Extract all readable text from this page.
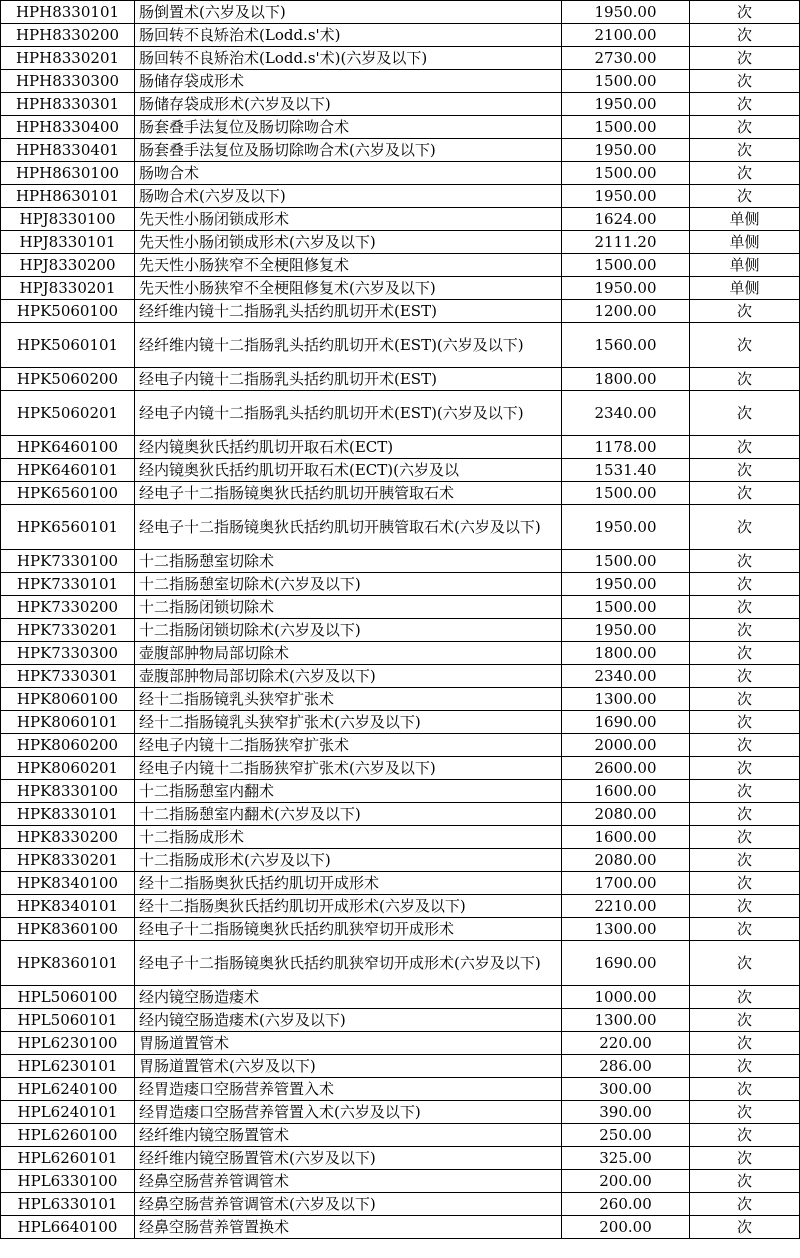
HPH8330101	肠倒置术(六岁及以下)	1950.00	次
HPH8330200	肠回转不良矫治术(Lodd.s'术)	2100.00	次
HPH8330201	肠回转不良矫治术(Lodd.s'术)(六岁及以下)	2730.00	次
HPH8330300	肠储存袋成形术	1500.00	次
HPH8330301	肠储存袋成形术(六岁及以下)	1950.00	次
HPH8330400	肠套叠手法复位及肠切除吻合术	1500.00	次
HPH8330401	肠套叠手法复位及肠切除吻合术(六岁及以下)	1950.00	次
HPH8630100	肠吻合术	1500.00	次
HPH8630101	肠吻合术(六岁及以下)	1950.00	次
HPJ8330100	先天性小肠闭锁成形术	1624.00	单侧
HPJ8330101	先天性小肠闭锁成形术(六岁及以下)	2111.20	单侧
HPJ8330200	先天性小肠狭窄不全梗阻修复术	1500.00	单侧
HPJ8330201	先天性小肠狭窄不全梗阻修复术(六岁及以下)	1950.00	单侧
HPK5060100	经纤维内镜十二指肠乳头括约肌切开术(EST)	1200.00	次
HPK5060101	经纤维内镜十二指肠乳头括约肌切开术(EST)(六岁及以下)	1560.00	次
HPK5060200	经电子内镜十二指肠乳头括约肌切开术(EST)	1800.00	次
HPK5060201	经电子内镜十二指肠乳头括约肌切开术(EST)(六岁及以下)	2340.00	次
HPK6460100	经内镜奥狄氏括约肌切开取石术(ECT)	1178.00	次
HPK6460101	经内镜奥狄氏括约肌切开取石术(ECT)(六岁及以	1531.40	次
HPK6560100	经电子十二指肠镜奥狄氏括约肌切开胰管取石术	1500.00	次
HPK6560101	经电子十二指肠镜奥狄氏括约肌切开胰管取石术(六岁及以下)	1950.00	次
HPK7330100	十二指肠憩室切除术	1500.00	次
HPK7330101	十二指肠憩室切除术(六岁及以下)	1950.00	次
HPK7330200	十二指肠闭锁切除术	1500.00	次
HPK7330201	十二指肠闭锁切除术(六岁及以下)	1950.00	次
HPK7330300	壶腹部肿物局部切除术	1800.00	次
HPK7330301	壶腹部肿物局部切除术(六岁及以下)	2340.00	次
HPK8060100	经十二指肠镜乳头狭窄扩张术	1300.00	次
HPK8060101	经十二指肠镜乳头狭窄扩张术(六岁及以下)	1690.00	次
HPK8060200	经电子内镜十二指肠狭窄扩张术	2000.00	次
HPK8060201	经电子内镜十二指肠狭窄扩张术(六岁及以下)	2600.00	次
HPK8330100	十二指肠憩室内翻术	1600.00	次
HPK8330101	十二指肠憩室内翻术(六岁及以下)	2080.00	次
HPK8330200	十二指肠成形术	1600.00	次
HPK8330201	十二指肠成形术(六岁及以下)	2080.00	次
HPK8340100	经十二指肠奥狄氏括约肌切开成形术	1700.00	次
HPK8340101	经十二指肠奥狄氏括约肌切开成形术(六岁及以下)	2210.00	次
HPK8360100	经电子十二指肠镜奥狄氏括约肌狭窄切开成形术	1300.00	次
HPK8360101	经电子十二指肠镜奥狄氏括约肌狭窄切开成形术(六岁及以下)	1690.00	次
HPL5060100	经内镜空肠造瘘术	1000.00	次
HPL5060101	经内镜空肠造瘘术(六岁及以下)	1300.00	次
HPL6230100	胃肠道置管术	220.00	次
HPL6230101	胃肠道置管术(六岁及以下)	286.00	次
HPL6240100	经胃造瘘口空肠营养管置入术	300.00	次
HPL6240101	经胃造瘘口空肠营养管置入术(六岁及以下)	390.00	次
HPL6260100	经纤维内镜空肠置管术	250.00	次
HPL6260101	经纤维内镜空肠置管术(六岁及以下)	325.00	次
HPL6330100	经鼻空肠营养管调管术	200.00	次
HPL6330101	经鼻空肠营养管调管术(六岁及以下)	260.00	次
HPL6640100	经鼻空肠营养管置换术	200.00	次
